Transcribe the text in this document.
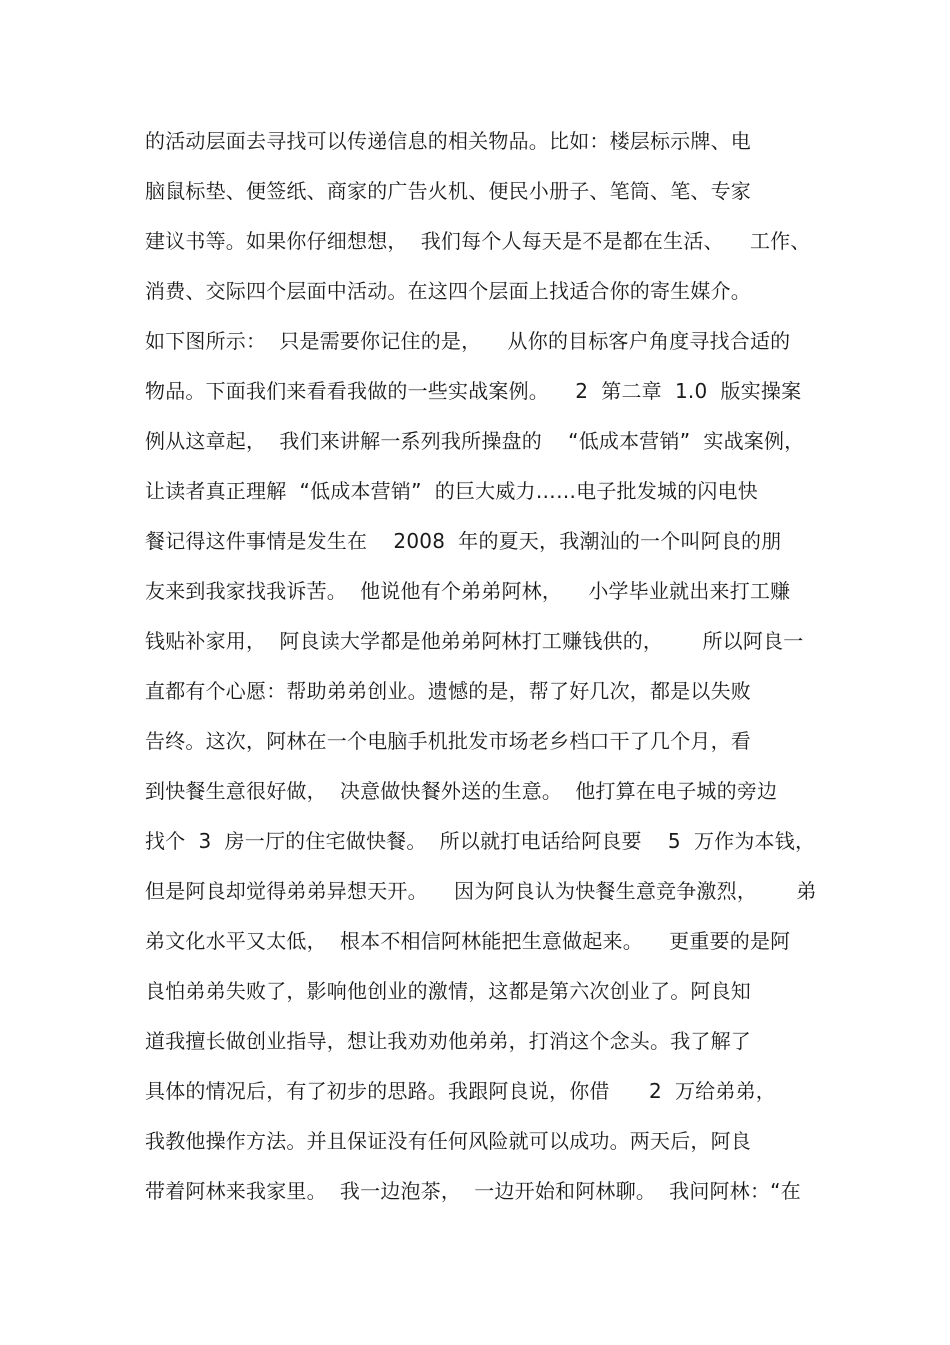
的活动层面去寻找可以传递信息的相关物品。比如：楼层标示牌、电
脑鼠标垫、便签纸、商家的广告火机、便民小册子、笔筒、笔、专家
建议书等。如果你仔细想想，  我们每个人每天是不是都在生活、    工作、
消费、交际四个层面中活动。在这四个层面上找适合你的寄生媒介。
如下图所示：  只是需要你记住的是，    从你的目标客户角度寻找合适的
物品。下面我们来看看我做的一些实战案例。    2  第二章  1.0  版实操案
例从这章起，  我们来讲解一系列我所操盘的    “低成本营销”  实战案例，
让读者真正理解  “低成本营销”  的巨大威力……电子批发城的闪电快
餐记得这件事情是发生在    2008  年的夏天，我潮汕的一个叫阿良的朋
友来到我家找我诉苦。  他说他有个弟弟阿林，    小学毕业就出来打工赚
钱贴补家用，  阿良读大学都是他弟弟阿林打工赚钱供的，      所以阿良一
直都有个心愿：帮助弟弟创业。遗憾的是，帮了好几次，都是以失败
告终。这次，阿林在一个电脑手机批发市场老乡档口干了几个月，看
到快餐生意很好做，  决意做快餐外送的生意。  他打算在电子城的旁边
找个  3  房一厅的住宅做快餐。  所以就打电话给阿良要    5  万作为本钱，
但是阿良却觉得弟弟异想天开。    因为阿良认为快餐生意竞争激烈，      弟
弟文化水平又太低，  根本不相信阿林能把生意做起来。    更重要的是阿
良怕弟弟失败了，影响他创业的激情，这都是第六次创业了。阿良知
道我擅长做创业指导，想让我劝劝他弟弟，打消这个念头。我了解了
具体的情况后，有了初步的思路。我跟阿良说，你借      2  万给弟弟，
我教他操作方法。并且保证没有任何风险就可以成功。两天后，阿良
带着阿林来我家里。  我一边泡茶，  一边开始和阿林聊。  我问阿林：“在
